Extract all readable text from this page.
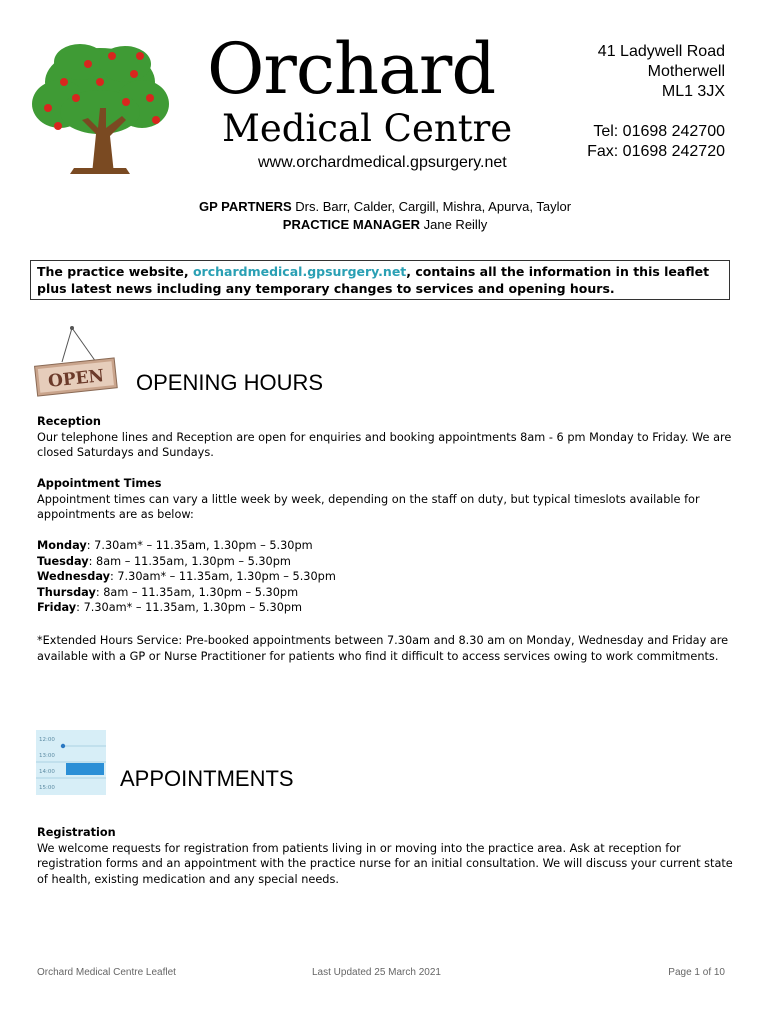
Orchard
Medical Centre
www.orchardmedical.gpsurgery.net
41 Ladywell Road
Motherwell
ML1 3JX
Tel: 01698 242700
Fax: 01698 242720
GP PARTNERS Drs. Barr, Calder, Cargill, Mishra, Apurva, Taylor
PRACTICE MANAGER Jane Reilly
The practice website, orchardmedical.gpsurgery.net, contains all the information in this leaflet plus latest news including any temporary changes to services and opening hours.
OPEN OPENING HOURS
Reception
Our telephone lines and Reception are open for enquiries and booking appointments 8am - 6 pm Monday to Friday. We are closed Saturdays and Sundays.
Appointment Times
Appointment times can vary a little week by week, depending on the staff on duty, but typical timeslots available for appointments are as below:
Monday: 7.30am* – 11.35am, 1.30pm – 5.30pm
Tuesday: 8am – 11.35am, 1.30pm – 5.30pm
Wednesday: 7.30am* – 11.35am, 1.30pm – 5.30pm
Thursday: 8am – 11.35am, 1.30pm – 5.30pm
Friday: 7.30am* – 11.35am, 1.30pm – 5.30pm
*Extended Hours Service: Pre-booked appointments between 7.30am and 8.30 am on Monday, Wednesday and Friday are available with a GP or Nurse Practitioner for patients who find it difficult to access services owing to work commitments.
12:00
13:00
14:00
15:00	APPOINTMENTS
Registration
We welcome requests for registration from patients living in or moving into the practice area. Ask at reception for registration forms and an appointment with the practice nurse for an initial consultation. We will discuss your current state of health, existing medication and any special needs.
Orchard Medical Centre Leaflet	Last Updated 25 March 2021	Page 1 of 10
